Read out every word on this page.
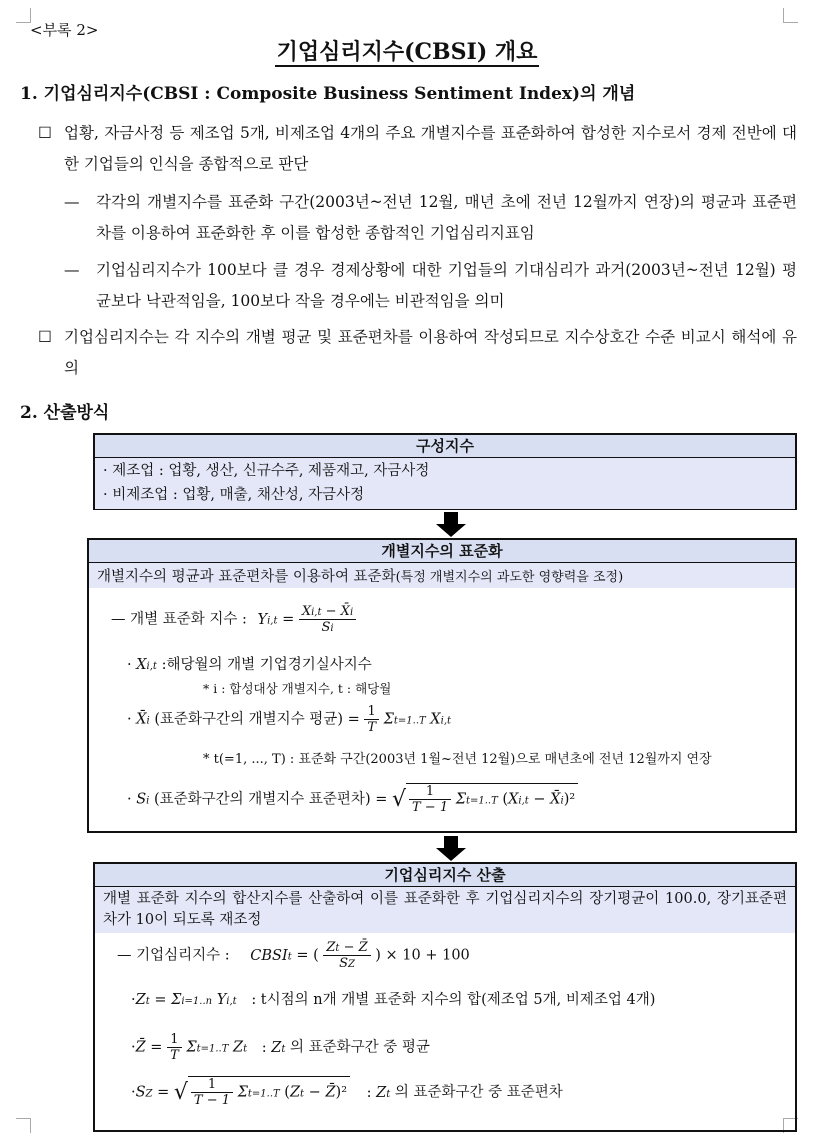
<부록 2>
기업심리지수(CBSI) 개요
1. 기업심리지수(CBSI : Composite Business Sentiment Index)의 개념
☐ 업황, 자금사정 등 제조업 5개, 비제조업 4개의 주요 개별지수를 표준화하여 합성한 지수로서 경제 전반에 대한 기업들의 인식을 종합적으로 판단
— 각각의 개별지수를 표준화 구간(2003년~전년 12월, 매년 초에 전년 12월까지 연장)의 평균과 표준편차를 이용하여 표준화한 후 이를 합성한 종합적인 기업심리지표임
— 기업심리지수가 100보다 클 경우 경제상황에 대한 기업들의 기대심리가 과거(2003년~전년 12월) 평균보다 낙관적임을, 100보다 작을 경우에는 비관적임을 의미
☐ 기업심리지수는 각 지수의 개별 평균 및 표준편차를 이용하여 작성되므로 지수상호간 수준 비교시 해석에 유의
2. 산출방식
구성지수
· 제조업 : 업황, 생산, 신규수주, 제품재고, 자금사정
· 비제조업 : 업황, 매출, 채산성, 자금사정
개별지수의 표준화
개별지수의 평균과 표준편차를 이용하여 표준화(특정 개별지수의 과도한 영향력을 조정)
— 개별 표준화 지수 : $Yi,t = \frac{Xi,t - X̄i}{Si}$
· Xi,t :해당월의 개별 기업경기실사지수
* i : 합성대상 개별지수, t : 해당월
· X̄i (표준화구간의 개별지수 평균) = $\frac{1}{T} \Sigma t=1..T$ Xi,t
* t(=1, ..., T) : 표준화 구간(2003년 1월~전년 12월)으로 매년초에 전년 12월까지 연장
· Si (표준화구간의 개별지수 표준편차) = √ $\frac{1}{T - 1} \Sigma t=1..T$ (Xi,t − X̄i)²
기업심리지수 산출
개별 표준화 지수의 합산지수를 산출하여 이를 표준화한 후 기업심리지수의 장기평균이 100.0, 장기표준편차가 10이 되도록 재조정
— 기업심리지수 : CBSIt = ( $\frac{Zt - Z̄}{SZ}$ ) × 10 + 100
·Zt = Σi=1..n Yi,t : t시점의 n개 개별 표준화 지수의 합(제조업 5개, 비제조업 4개)
·Z̄ = $\frac{1}{T} \Sigma t=1..T$ Zt : Zt 의 표준화구간 중 평균
·SZ = √ $\frac{1}{T - 1} \Sigma t=1..T$ (Zt − Z̄)² : Zt 의 표준화구간 중 표준편차
